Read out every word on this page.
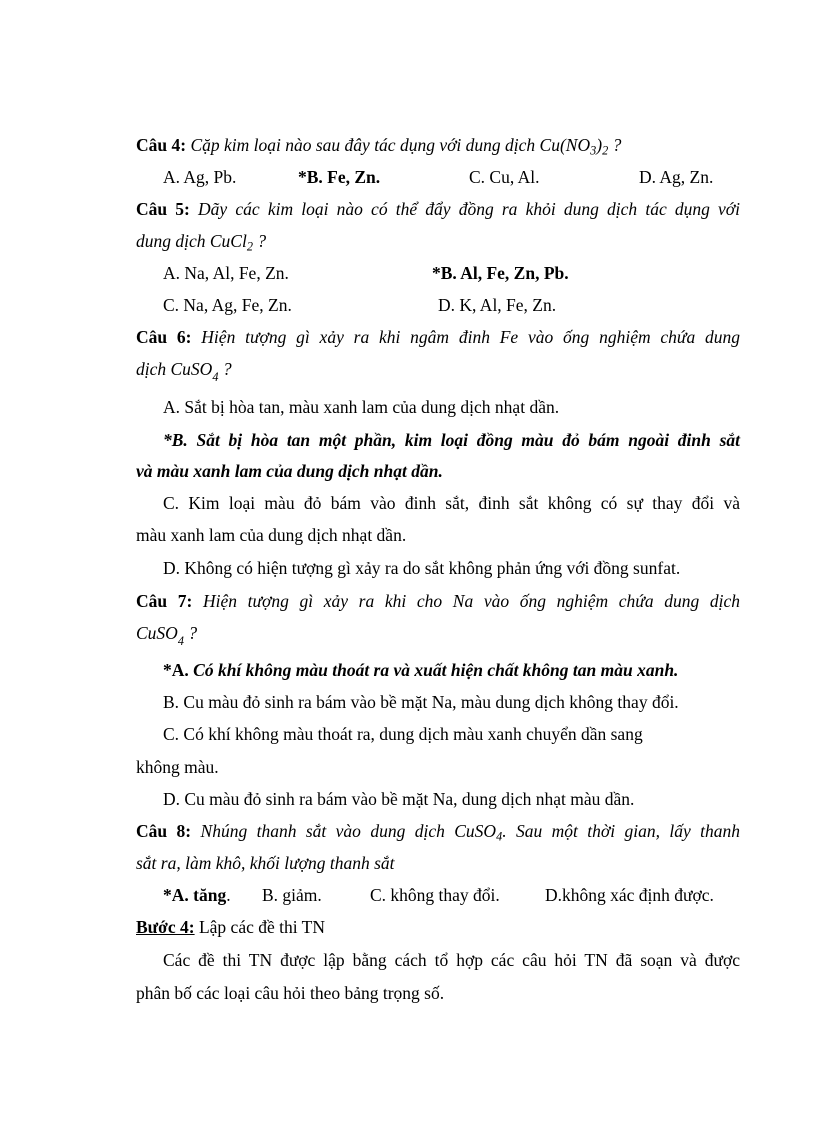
Câu 4: Cặp kim loại nào sau đây tác dụng với dung dịch $Cu(NO_3)_2$ ?
A. Ag, Pb.	*B. Fe, Zn.	C. Cu, Al.	D. Ag, Zn.
Câu 5: Dãy các kim loại nào có thể đẩy đồng ra khỏi dung dịch tác dụng với
dung dịch CuCl$_2$ ?
A. Na, Al, Fe, Zn.	*B. Al, Fe, Zn, Pb.
C. Na, Ag, Fe, Zn.	D. K, Al, Fe, Zn.
Câu 6: Hiện tượng gì xảy ra khi ngâm đinh Fe vào ống nghiệm chứa dung
dịch CuSO$_4$ ?
A. Sắt bị hòa tan, màu xanh lam của dung dịch nhạt dần.
*B. Sắt bị hòa tan một phần, kim loại đồng màu đỏ bám ngoài đinh sắt
và màu xanh lam của dung dịch nhạt dần.
C. Kim loại màu đỏ bám vào đinh sắt, đinh sắt không có sự thay đổi và
màu xanh lam của dung dịch nhạt dần.
D. Không có hiện tượng gì xảy ra do sắt không phản ứng với đồng sunfat.
Câu 7: Hiện tượng gì xảy ra khi cho Na vào ống nghiệm chứa dung dịch
CuSO$_4$ ?
*A. Có khí không màu thoát ra và xuất hiện chất không tan màu xanh.
B. Cu màu đỏ sinh ra bám vào bề mặt Na, màu dung dịch không thay đổi.
C. Có khí không màu thoát ra, dung dịch màu xanh chuyển dần sang
không màu.
D. Cu màu đỏ sinh ra bám vào bề mặt Na, dung dịch nhạt màu dần.
Câu 8: Nhúng thanh sắt vào dung dịch CuSO$_4$. Sau một thời gian, lấy thanh
sắt ra, làm khô, khối lượng thanh sắt
*A. tăng. B. giảm.	C. không thay đổi.	D.không xác định được.
Bước 4: Lập các đề thi TN
Các đề thi TN được lập bằng cách tổ hợp các câu hỏi TN đã soạn và được
phân bố các loại câu hỏi theo bảng trọng số.
